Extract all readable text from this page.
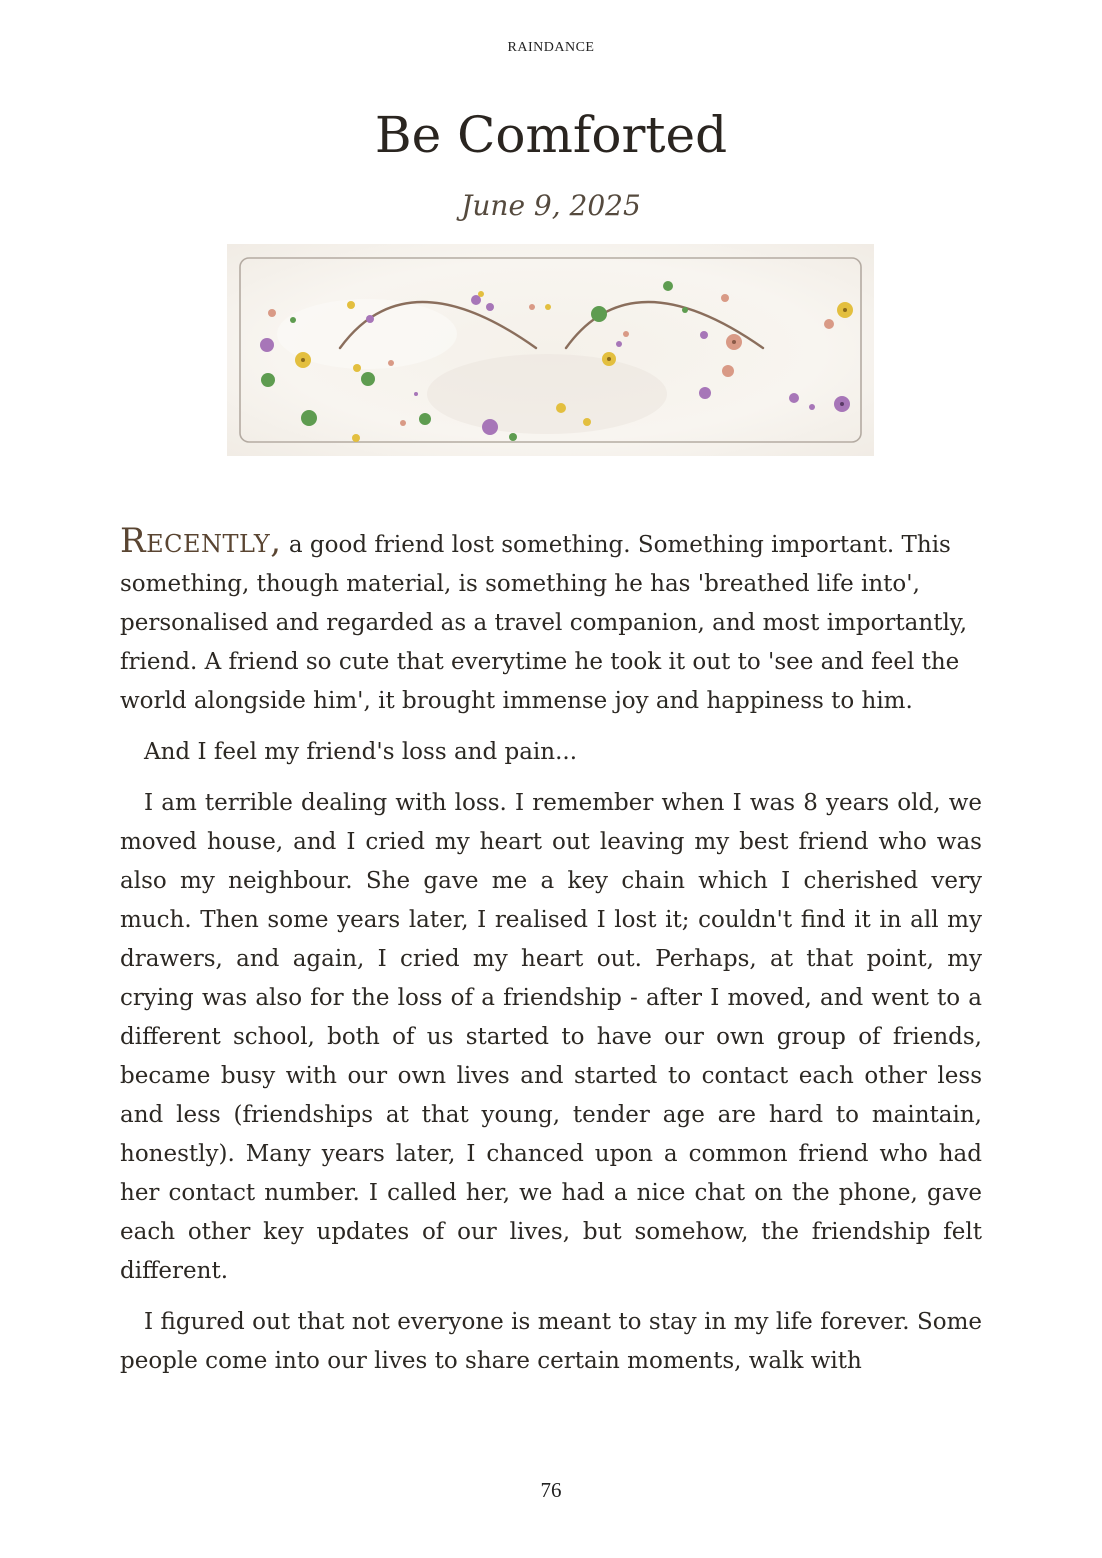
RAINDANCE
Be Comforted
June 9, 2025

Recently, a good friend lost something. Something important. This something, though material, is something he has 'breathed life into', personalised and regarded as a travel companion, and most importantly, friend. A friend so cute that everytime he took it out to 'see and feel the world alongside him', it brought immense joy and happiness to him.

And I feel my friend's loss and pain...

I am terrible dealing with loss. I remember when I was 8 years old, we moved house, and I cried my heart out leaving my best friend who was also my neighbour. She gave me a key chain which I cherished very much. Then some years later, I realised I lost it; couldn't find it in all my drawers, and again, I cried my heart out. Perhaps, at that point, my crying was also for the loss of a friendship - after I moved, and went to a different school, both of us started to have our own group of friends, became busy with our own lives and started to contact each other less and less (friendships at that young, tender age are hard to maintain, honestly). Many years later, I chanced upon a common friend who had her contact number. I called her, we had a nice chat on the phone, gave each other key updates of our lives, but somehow, the friendship felt different.

I figured out that not everyone is meant to stay in my life forever. Some people come into our lives to share certain moments, walk with

76
